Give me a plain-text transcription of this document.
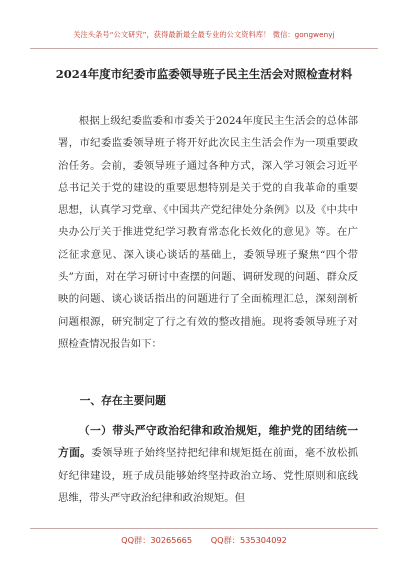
关注头条号“公文研究”，获得最新最全最专业的公文资料库！ 微信：gongwenyj
2024年度市纪委市监委领导班子民主生活会对照检查材料

根据上级纪委监委和市委关于2024年度民主生活会的总体部署，市纪委监委领导班子将开好此次民主生活会作为一项重要政治任务。会前，委领导班子通过各种方式，深入学习领会习近平总书记关于党的建设的重要思想特别是关于党的自我革命的重要思想，认真学习党章、《中国共产党纪律处分条例》以及《中共中央办公厅关于推进党纪学习教育常态化长效化的意见》等。在广泛征求意见、深入谈心谈话的基础上，委领导班子聚焦“四个带头”方面，对在学习研讨中查摆的问题、调研发现的问题、群众反映的问题、谈心谈话指出的问题进行了全面梳理汇总，深刻剖析问题根源，研究制定了行之有效的整改措施。现将委领导班子对照检查情况报告如下：

一、存在主要问题

（一）带头严守政治纪律和政治规矩，维护党的团结统一方面。委领导班子始终坚持把纪律和规矩挺在前面，毫不放松抓好纪律建设，班子成员能够始终坚持政治立场、党性原则和底线思维，带头严守政治纪律和政治规矩。但

QQ群：30265665 QQ群：535304092
